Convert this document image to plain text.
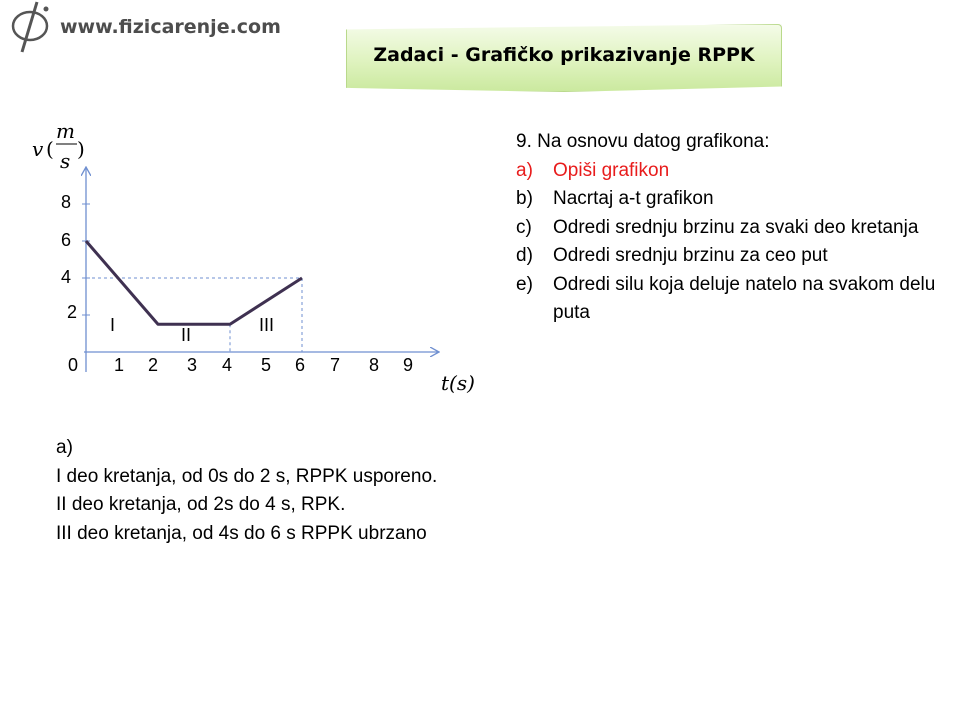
www.fizicarenje.com
Zadaci - Grafičko prikazivanje RPPK
v (
m
s )
2
4
6
8
0 1 2 3 4 5 6 7 8 9
I	II	III
t(s)
9. Na osnovu datog grafikona:
a)	Opiši grafikon
b)	Nacrtaj a-t grafikon
c)	Odredi srednju brzinu za svaki deo kretanja
d)	Odredi srednju brzinu za ceo put
e)	Odredi silu koja deluje natelo na svakom delu puta
a)
I deo kretanja, od 0s do 2 s, RPPK usporeno.
II deo kretanja, od 2s do 4 s, RPK.
III deo kretanja, od 4s do 6 s RPPK ubrzano
